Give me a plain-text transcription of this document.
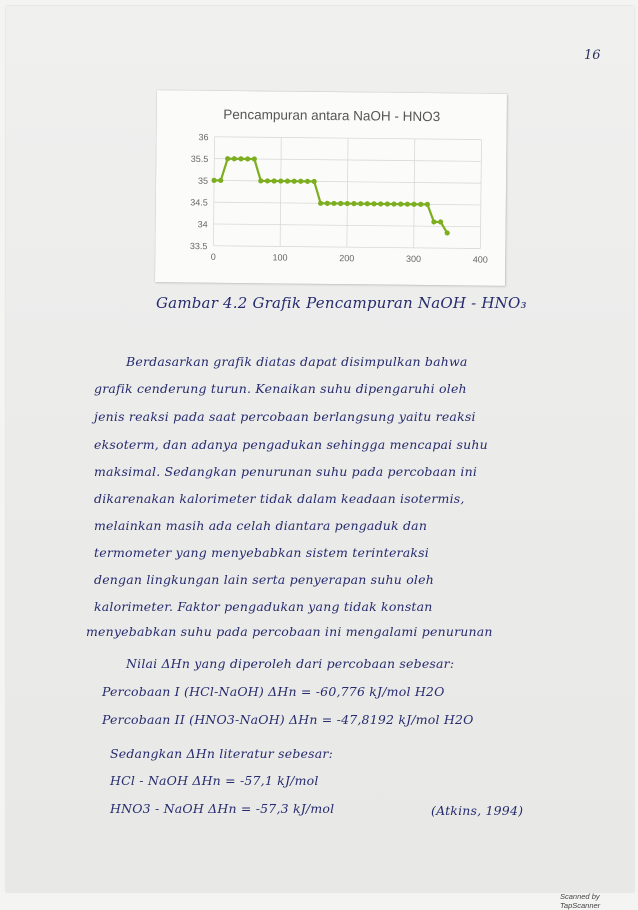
16
Pencampuran antara NaOH - HNO3
33.5
34
34.5
35
35.5
36
0	100	200	300	400
Gambar 4.2 Grafik Pencampuran NaOH - HNO₃
Berdasarkan grafik diatas dapat disimpulkan bahwa
grafik cenderung turun. Kenaikan suhu dipengaruhi oleh
jenis reaksi pada saat percobaan berlangsung yaitu reaksi
eksoterm, dan adanya pengadukan sehingga mencapai suhu
maksimal. Sedangkan penurunan suhu pada percobaan ini
dikarenakan kalorimeter tidak dalam keadaan isotermis,
melainkan masih ada celah diantara pengaduk dan
termometer yang menyebabkan sistem terinteraksi
dengan lingkungan lain serta penyerapan suhu oleh
kalorimeter. Faktor pengadukan yang tidak konstan
menyebabkan suhu pada percobaan ini mengalami penurunan
Nilai ΔHn yang diperoleh dari percobaan sebesar:
Percobaan I (HCl-NaOH) ΔHn = -60,776 kJ/mol H2O
Percobaan II (HNO3-NaOH) ΔHn = -47,8192 kJ/mol H2O
Sedangkan ΔHn literatur sebesar:
HCl - NaOH ΔHn = -57,1 kJ/mol
HNO3 - NaOH ΔHn = -57,3 kJ/mol	(Atkins, 1994)
Scanned by TapScanner
